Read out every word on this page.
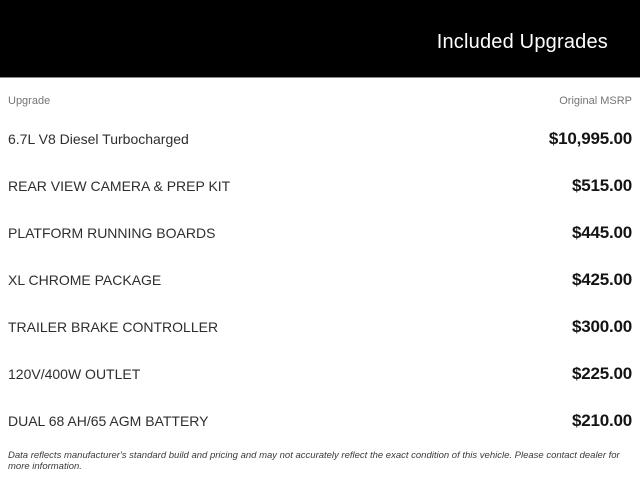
Included Upgrades
Upgrade	Original MSRP
6.7L V8 Diesel Turbocharged	$10,995.00
REAR VIEW CAMERA & PREP KIT	$515.00
PLATFORM RUNNING BOARDS	$445.00
XL CHROME PACKAGE	$425.00
TRAILER BRAKE CONTROLLER	$300.00
120V/400W OUTLET	$225.00
DUAL 68 AH/65 AGM BATTERY	$210.00

Data reflects manufacturer's standard build and pricing and may not accurately reflect the exact condition of this vehicle. Please contact dealer for more information.
